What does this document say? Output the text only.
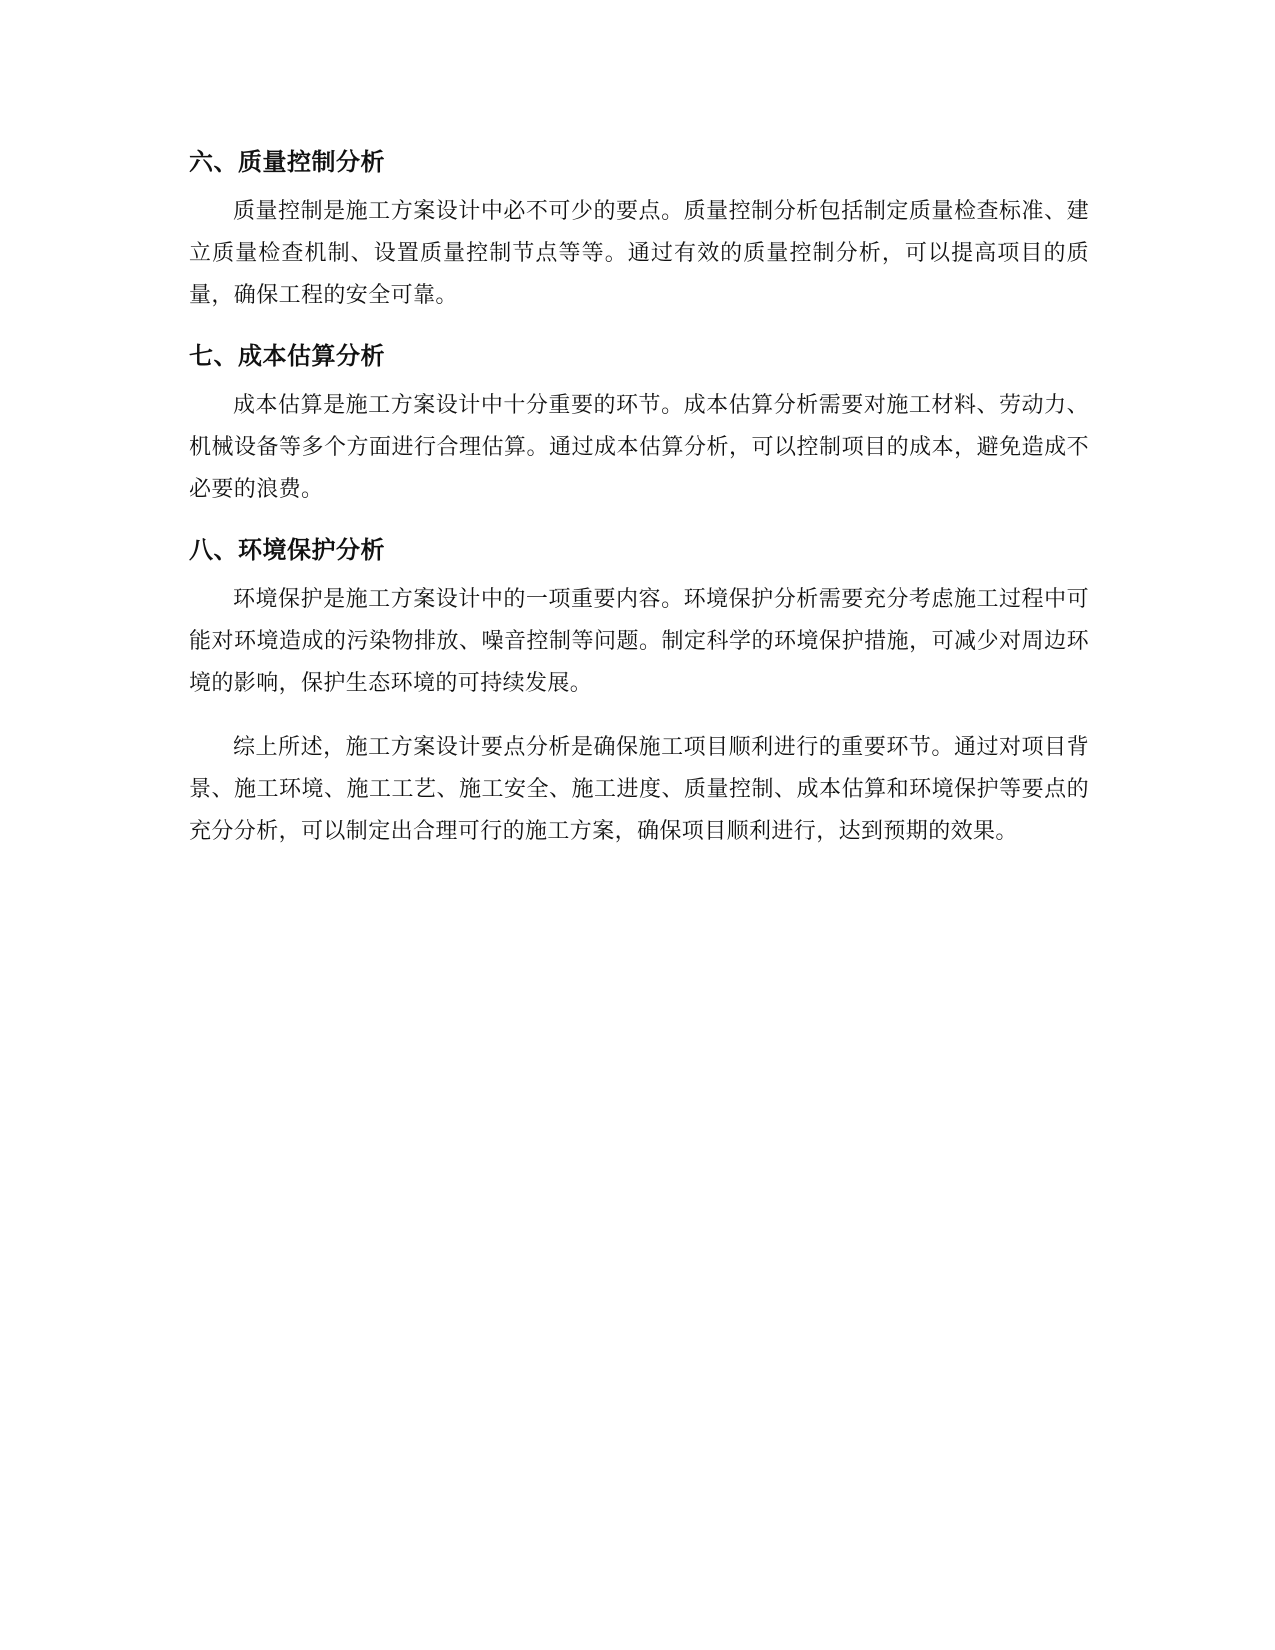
六、质量控制分析

质量控制是施工方案设计中必不可少的要点。质量控制分析包括制定质量检查标准、建立质量检查机制、设置质量控制节点等等。通过有效的质量控制分析，可以提高项目的质量，确保工程的安全可靠。

七、成本估算分析

成本估算是施工方案设计中十分重要的环节。成本估算分析需要对施工材料、劳动力、机械设备等多个方面进行合理估算。通过成本估算分析，可以控制项目的成本，避免造成不必要的浪费。

八、环境保护分析

环境保护是施工方案设计中的一项重要内容。环境保护分析需要充分考虑施工过程中可能对环境造成的污染物排放、噪音控制等问题。制定科学的环境保护措施，可减少对周边环境的影响，保护生态环境的可持续发展。

综上所述，施工方案设计要点分析是确保施工项目顺利进行的重要环节。通过对项目背景、施工环境、施工工艺、施工安全、施工进度、质量控制、成本估算和环境保护等要点的充分分析，可以制定出合理可行的施工方案，确保项目顺利进行，达到预期的效果。
